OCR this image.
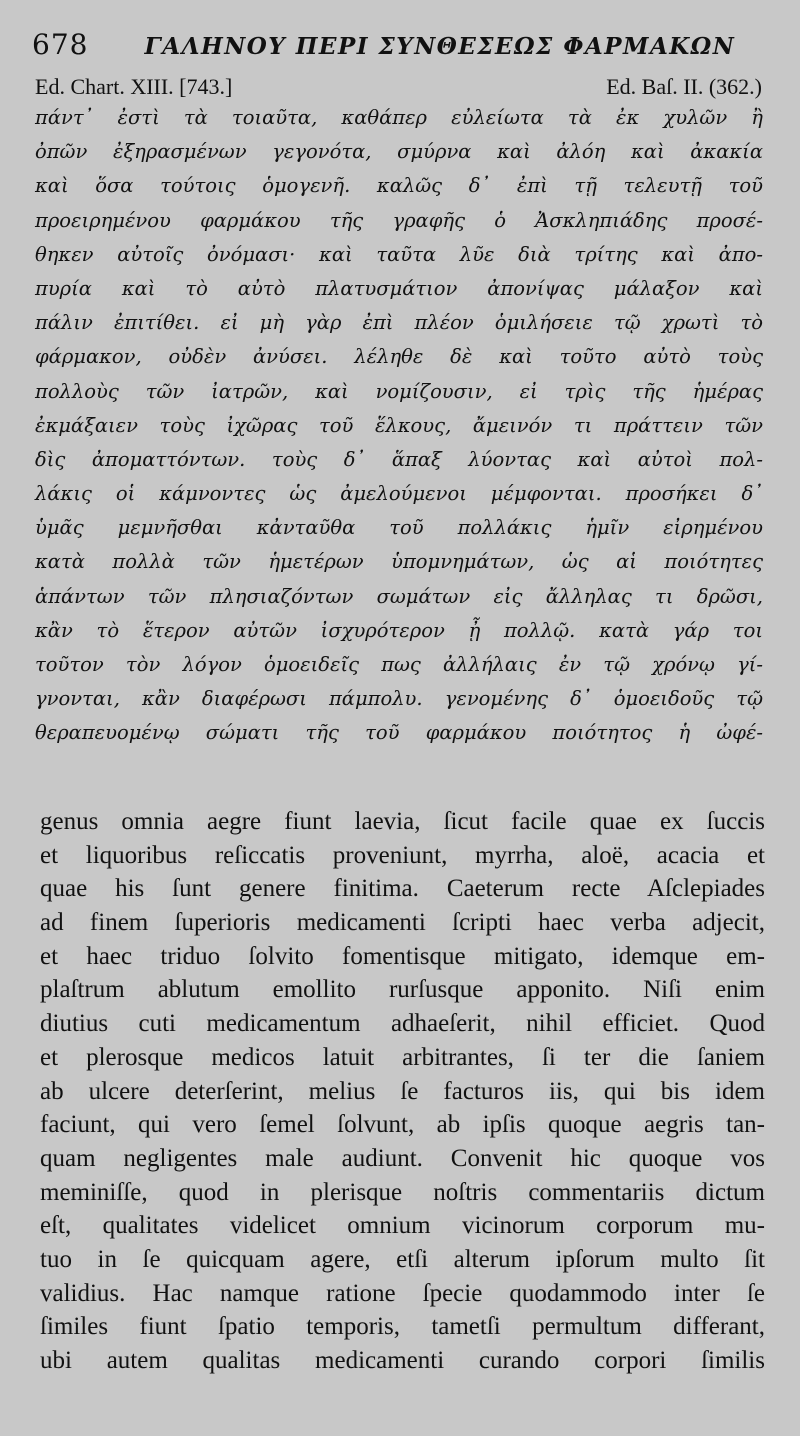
678 ΓΑΛΗΝΟΥ ΠΕΡΙ ΣΥΝΘΕΣΕΩΣ ΦΑΡΜΑΚΩΝ
Ed. Chart. XIII. [743.]	Ed. Baſ. II. (362.)
πάντ᾽ ἐστὶ τὰ τοιαῦτα, καθάπερ εὐλείωτα τὰ ἐκ χυλῶν ἢ
ὀπῶν ἐξηρασμένων γεγονότα, σμύρνα καὶ ἀλόη καὶ ἀκακία
καὶ ὅσα τούτοις ὁμογενῆ. καλῶς δ᾽ ἐπὶ τῇ τελευτῇ τοῦ
προειρημένου φαρμάκου τῆς γραφῆς ὁ Ἀσκληπιάδης προσέ-
θηκεν αὐτοῖς ὀνόμασι· καὶ ταῦτα λῦε διὰ τρίτης καὶ ἀπο-
πυρία καὶ τὸ αὐτὸ πλατυσμάτιον ἀπονίψας μάλαξον καὶ
πάλιν ἐπιτίθει. εἰ μὴ γὰρ ἐπὶ πλέον ὁμιλήσειε τῷ χρωτὶ τὸ
φάρμακον, οὐδὲν ἀνύσει. λέληθε δὲ καὶ τοῦτο αὐτὸ τοὺς
πολλοὺς τῶν ἰατρῶν, καὶ νομίζουσιν, εἰ τρὶς τῆς ἡμέρας
ἐκμάξαιεν τοὺς ἰχῶρας τοῦ ἕλκους, ἄμεινόν τι πράττειν τῶν
δὶς ἀποματτόντων. τοὺς δ᾽ ἅπαξ λύοντας καὶ αὐτοὶ πολ-
λάκις οἱ κάμνοντες ὡς ἀμελούμενοι μέμφονται. προσήκει δ᾽
ὑμᾶς μεμνῆσθαι κἀνταῦθα τοῦ πολλάκις ἡμῖν εἰρημένου
κατὰ πολλὰ τῶν ἡμετέρων ὑπομνημάτων, ὡς αἱ ποιότητες
ἁπάντων τῶν πλησιαζόντων σωμάτων εἰς ἄλληλας τι δρῶσι,
κἂν τὸ ἕτερον αὐτῶν ἰσχυρότερον ᾖ πολλῷ. κατὰ γάρ τοι
τοῦτον τὸν λόγον ὁμοειδεῖς πως ἀλλήλαις ἐν τῷ χρόνῳ γί-
γνονται, κἂν διαφέρωσι πάμπολυ. γενομένης δ᾽ ὁμοειδοῦς τῷ
θεραπευομένῳ σώματι τῆς τοῦ φαρμάκου ποιότητος ἡ ὠφέ-
genus omnia aegre fiunt laevia, ſicut facile quae ex ſuccis
et liquoribus reſiccatis proveniunt, myrrha, aloë, acacia et
quae his ſunt genere finitima. Caeterum recte Aſclepiades
ad finem ſuperioris medicamenti ſcripti haec verba adjecit,
et haec triduo ſolvito fomentisque mitigato, idemque em-
plaſtrum ablutum emollito rurſusque apponito. Niſi enim
diutius cuti medicamentum adhaeſerit, nihil efficiet. Quod
et plerosque medicos latuit arbitrantes, ſi ter die ſaniem
ab ulcere deterſerint, melius ſe facturos iis, qui bis idem
faciunt, qui vero ſemel ſolvunt, ab ipſis quoque aegris tan-
quam negligentes male audiunt. Convenit hic quoque vos
meminiſſe, quod in plerisque noſtris commentariis dictum
eſt, qualitates videlicet omnium vicinorum corporum mu-
tuo in ſe quicquam agere, etſi alterum ipſorum multo ſit
validius. Hac namque ratione ſpecie quodammodo inter ſe
ſimiles fiunt ſpatio temporis, tametſi permultum differant,
ubi autem qualitas medicamenti curando corpori ſimilis
